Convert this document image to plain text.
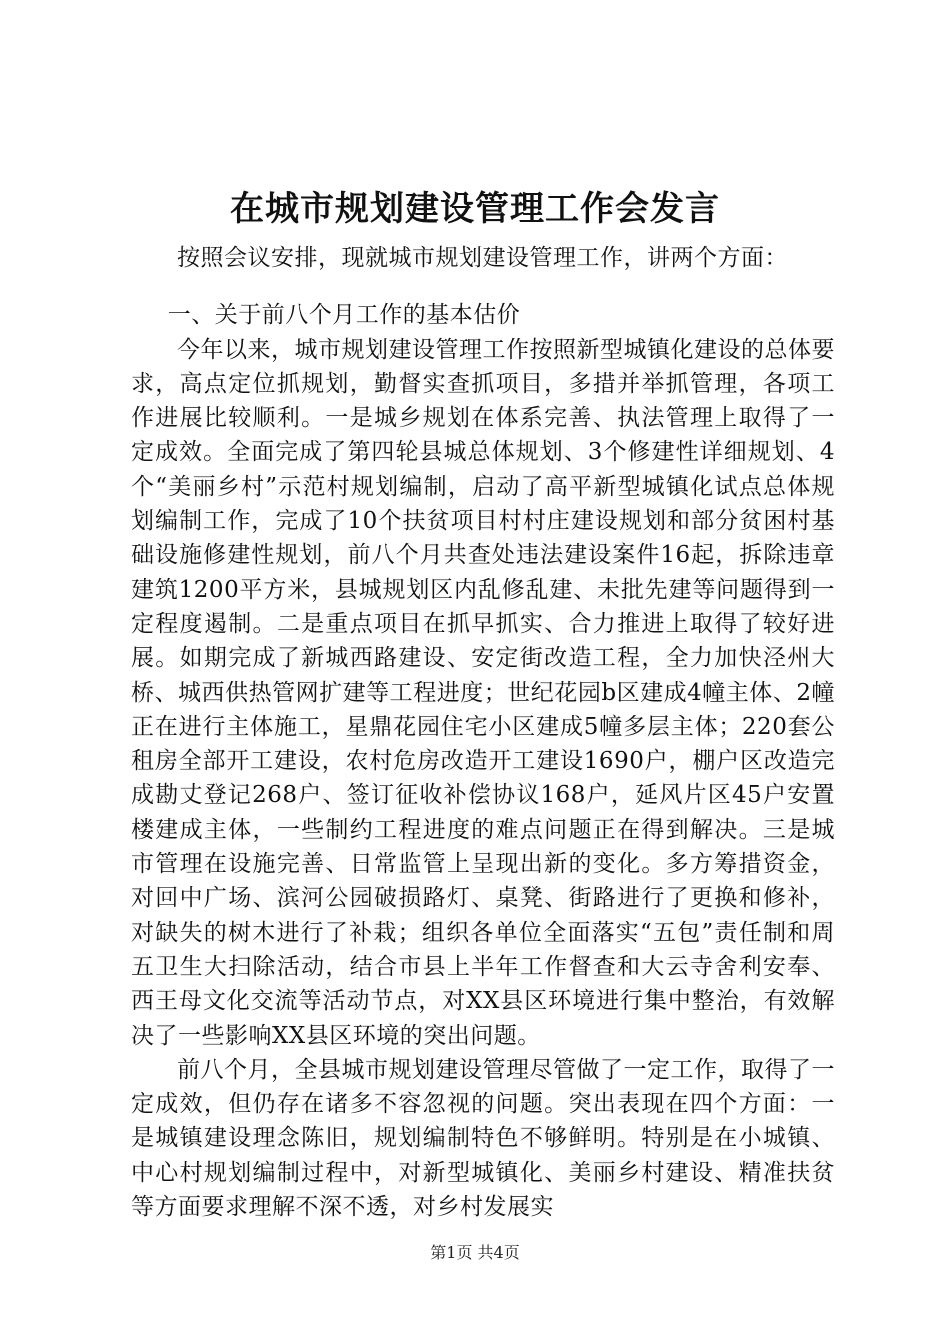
在城市规划建设管理工作会发言

按照会议安排，现就城市规划建设管理工作，讲两个方面：

一、关于前八个月工作的基本估价

今年以来，城市规划建设管理工作按照新型城镇化建设的总体要求，高点定位抓规划，勤督实查抓项目，多措并举抓管理，各项工作进展比较顺利。一是城乡规划在体系完善、执法管理上取得了一定成效。全面完成了第四轮县城总体规划、3个修建性详细规划、4个“美丽乡村”示范村规划编制，启动了高平新型城镇化试点总体规划编制工作，完成了10个扶贫项目村村庄建设规划和部分贫困村基础设施修建性规划，前八个月共查处违法建设案件16起，拆除违章建筑1200平方米，县城规划区内乱修乱建、未批先建等问题得到一定程度遏制。二是重点项目在抓早抓实、合力推进上取得了较好进展。如期完成了新城西路建设、安定街改造工程，全力加快泾州大桥、城西供热管网扩建等工程进度；世纪花园b区建成4幢主体、2幢正在进行主体施工，星鼎花园住宅小区建成5幢多层主体；220套公租房全部开工建设，农村危房改造开工建设1690户，棚户区改造完成勘丈登记268户、签订征收补偿协议168户，延风片区45户安置楼建成主体，一些制约工程进度的难点问题正在得到解决。三是城市管理在设施完善、日常监管上呈现出新的变化。多方筹措资金，对回中广场、滨河公园破损路灯、桌凳、街路进行了更换和修补，对缺失的树木进行了补栽；组织各单位全面落实“五包”责任制和周五卫生大扫除活动，结合市县上半年工作督查和大云寺舍利安奉、西王母文化交流等活动节点，对XX县区环境进行集中整治，有效解决了一些影响XX县区环境的突出问题。

前八个月，全县城市规划建设管理尽管做了一定工作，取得了一定成效，但仍存在诸多不容忽视的问题。突出表现在四个方面：一是城镇建设理念陈旧，规划编制特色不够鲜明。特别是在小城镇、中心村规划编制过程中，对新型城镇化、美丽乡村建设、精准扶贫等方面要求理解不深不透，对乡村发展实

第1页 共4页
